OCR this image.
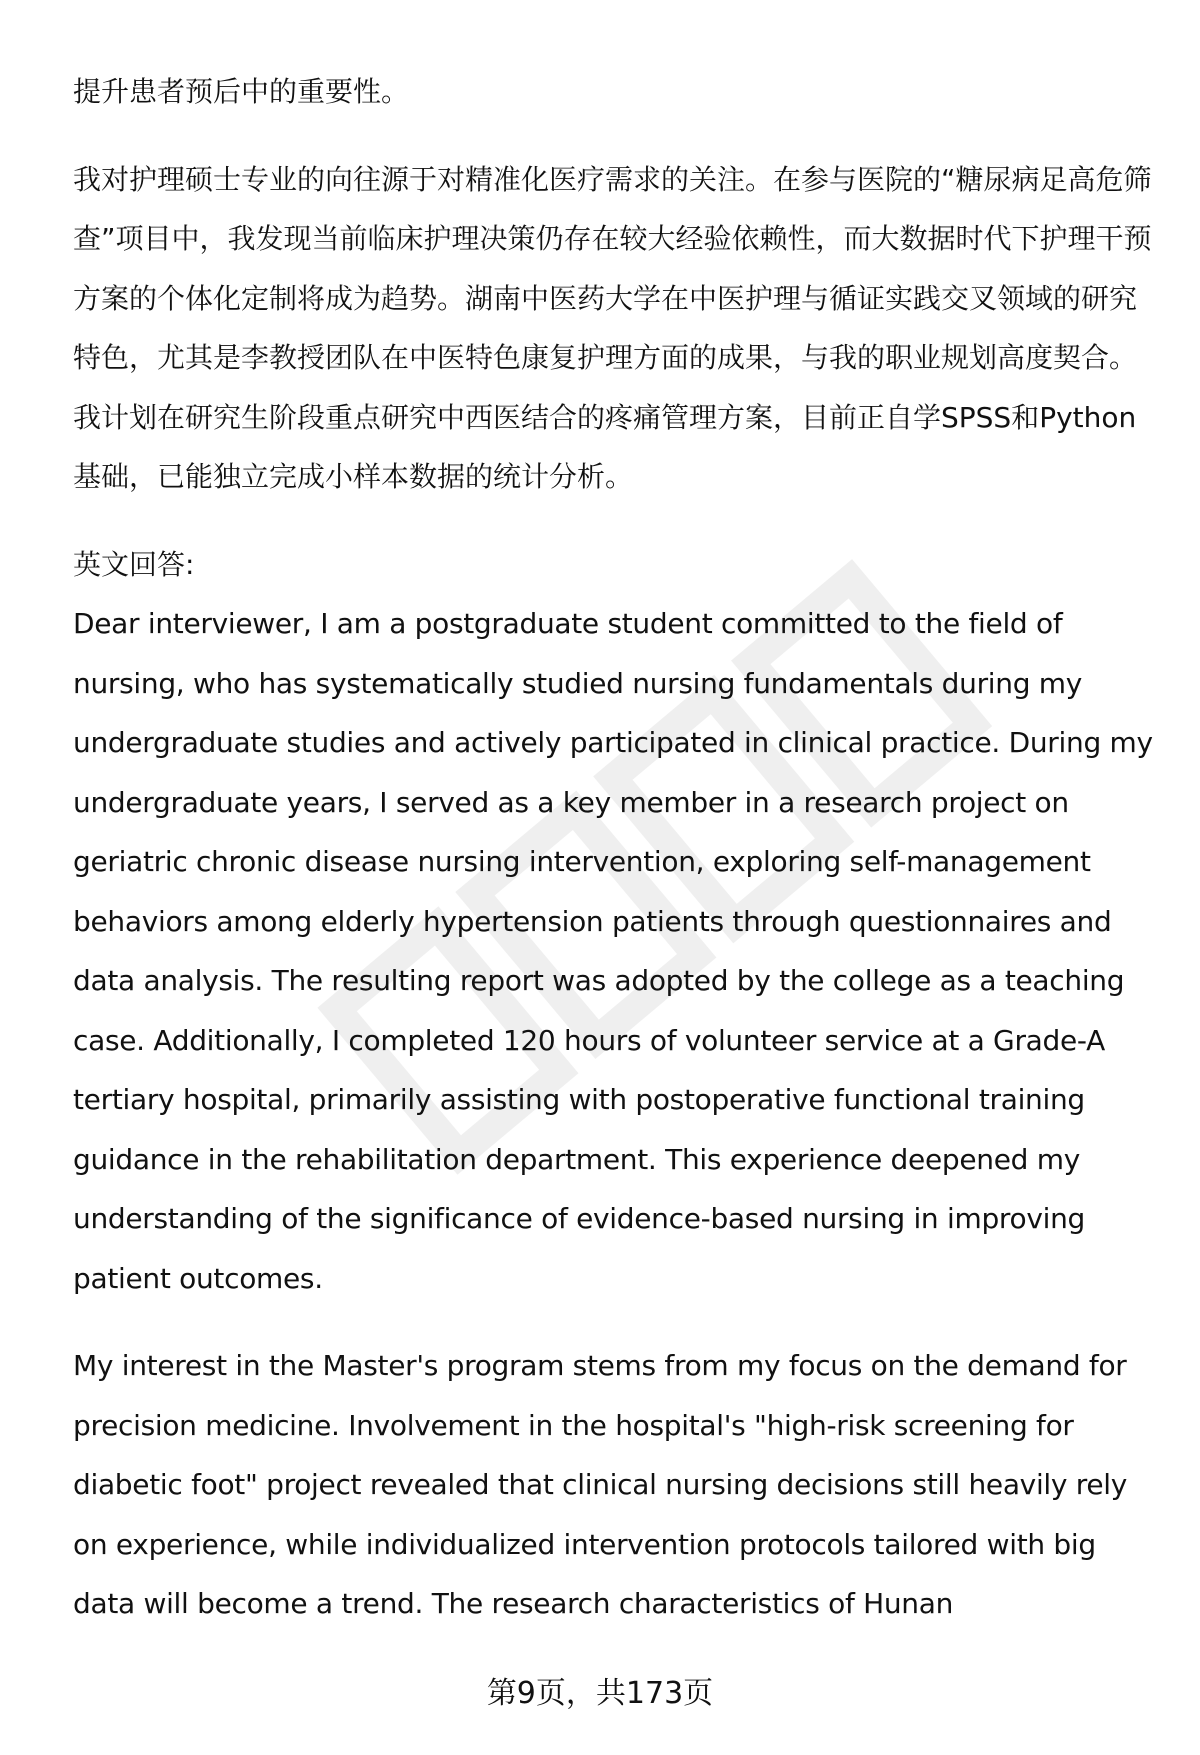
提升患者预后中的重要性。

我对护理硕士专业的向往源于对精准化医疗需求的关注。在参与医院的“糖尿病足高危筛查”项目中，我发现当前临床护理决策仍存在较大经验依赖性，而大数据时代下护理干预方案的个体化定制将成为趋势。湖南中医药大学在中医护理与循证实践交叉领域的研究特色，尤其是李教授团队在中医特色康复护理方面的成果，与我的职业规划高度契合。我计划在研究生阶段重点研究中西医结合的疼痛管理方案，目前正自学SPSS和Python基础，已能独立完成小样本数据的统计分析。

英文回答:

Dear interviewer, I am a postgraduate student committed to the field of nursing, who has systematically studied nursing fundamentals during my undergraduate studies and actively participated in clinical practice. During my undergraduate years, I served as a key member in a research project on geriatric chronic disease nursing intervention, exploring self-management behaviors among elderly hypertension patients through questionnaires and data analysis. The resulting report was adopted by the college as a teaching case. Additionally, I completed 120 hours of volunteer service at a Grade-A tertiary hospital, primarily assisting with postoperative functional training guidance in the rehabilitation department. This experience deepened my understanding of the significance of evidence-based nursing in improving patient outcomes.

My interest in the Master's program stems from my focus on the demand for precision medicine. Involvement in the hospital's "high-risk screening for diabetic foot" project revealed that clinical nursing decisions still heavily rely on experience, while individualized intervention protocols tailored with big data will become a trend. The research characteristics of Hunan

第9页，共173页
